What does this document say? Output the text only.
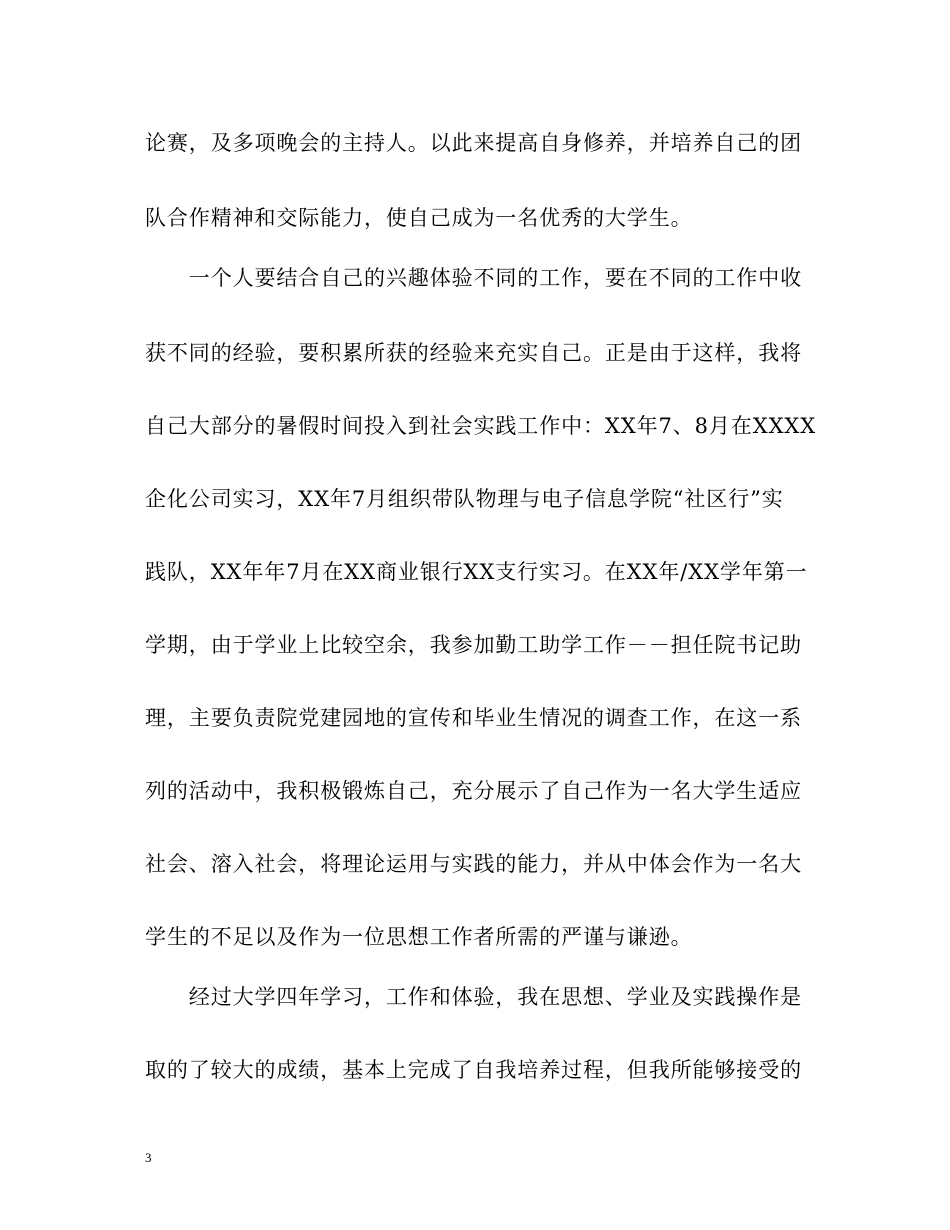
论赛，及多项晚会的主持人。以此来提高自身修养，并培养自己的团
队合作精神和交际能力，使自己成为一名优秀的大学生。
　　一个人要结合自己的兴趣体验不同的工作，要在不同的工作中收
获不同的经验，要积累所获的经验来充实自己。正是由于这样，我将
自己大部分的暑假时间投入到社会实践工作中：XX年7、8月在XXXX
企化公司实习，XX年7月组织带队物理与电子信息学院“社区行”实
践队，XX年年7月在XX商业银行XX支行实习。在XX年/XX学年第一
学期，由于学业上比较空余，我参加勤工助学工作－－担任院书记助
理，主要负责院党建园地的宣传和毕业生情况的调查工作，在这一系
列的活动中，我积极锻炼自己，充分展示了自己作为一名大学生适应
社会、溶入社会，将理论运用与实践的能力，并从中体会作为一名大
学生的不足以及作为一位思想工作者所需的严谨与谦逊。
　　经过大学四年学习，工作和体验，我在思想、学业及实践操作是
取的了较大的成绩，基本上完成了自我培养过程，但我所能够接受的
3
